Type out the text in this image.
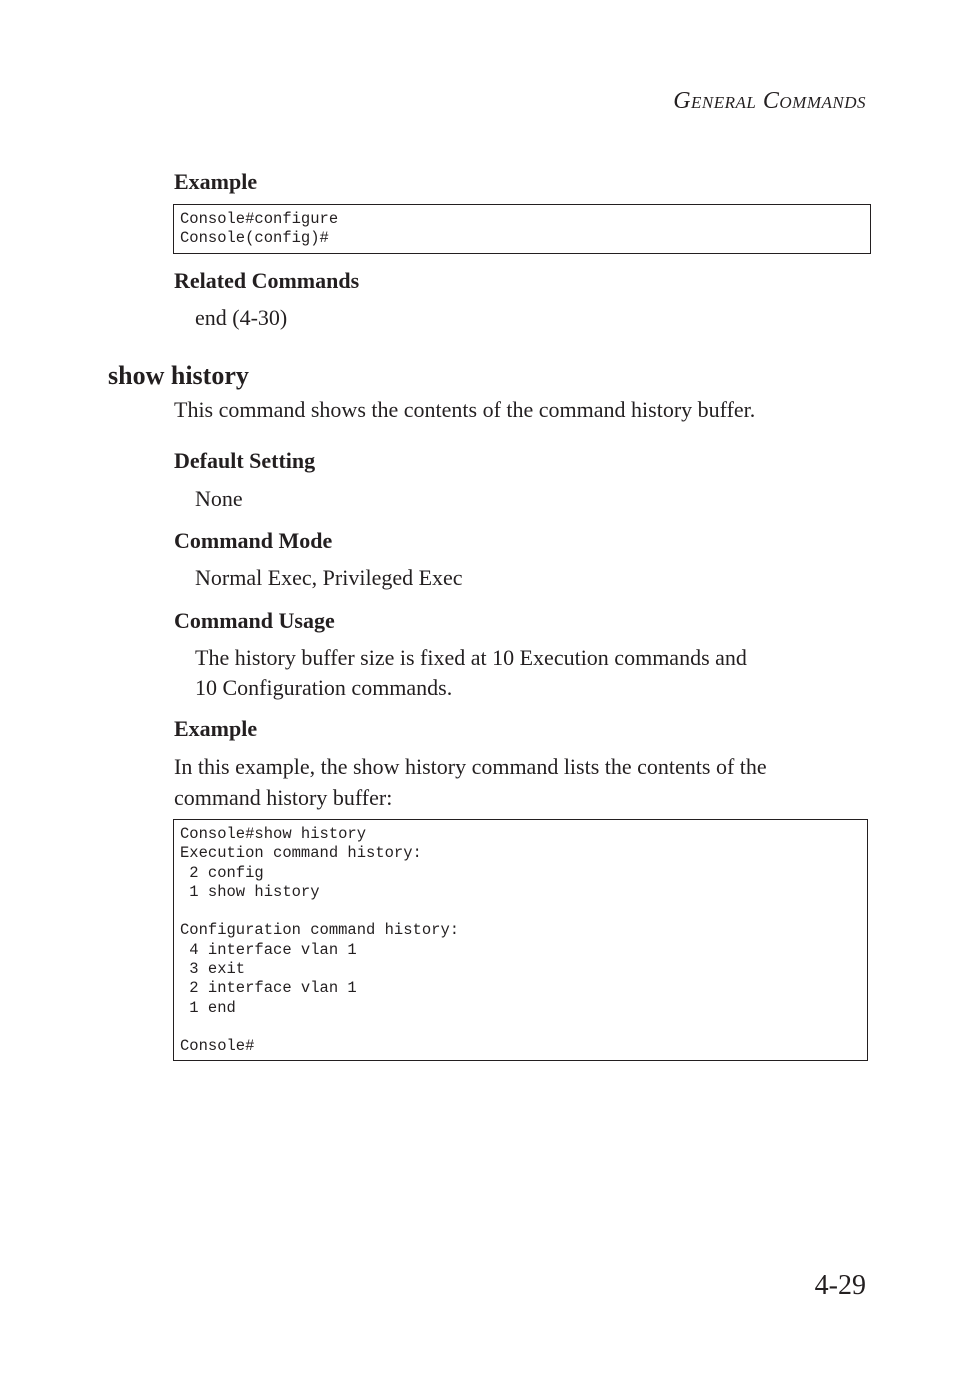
General Commands
Example
Console#configure
Console(config)#
Related Commands
end (4-30)
show history
This command shows the contents of the command history buffer.
Default Setting
None
Command Mode
Normal Exec, Privileged Exec
Command Usage
The history buffer size is fixed at 10 Execution commands and
10 Configuration commands.
Example
In this example, the show history command lists the contents of the
command history buffer:
Console#show history
Execution command history:
2 config
1 show history
Configuration command history:
4 interface vlan 1
3 exit
2 interface vlan 1
1 end
Console#
4-29
